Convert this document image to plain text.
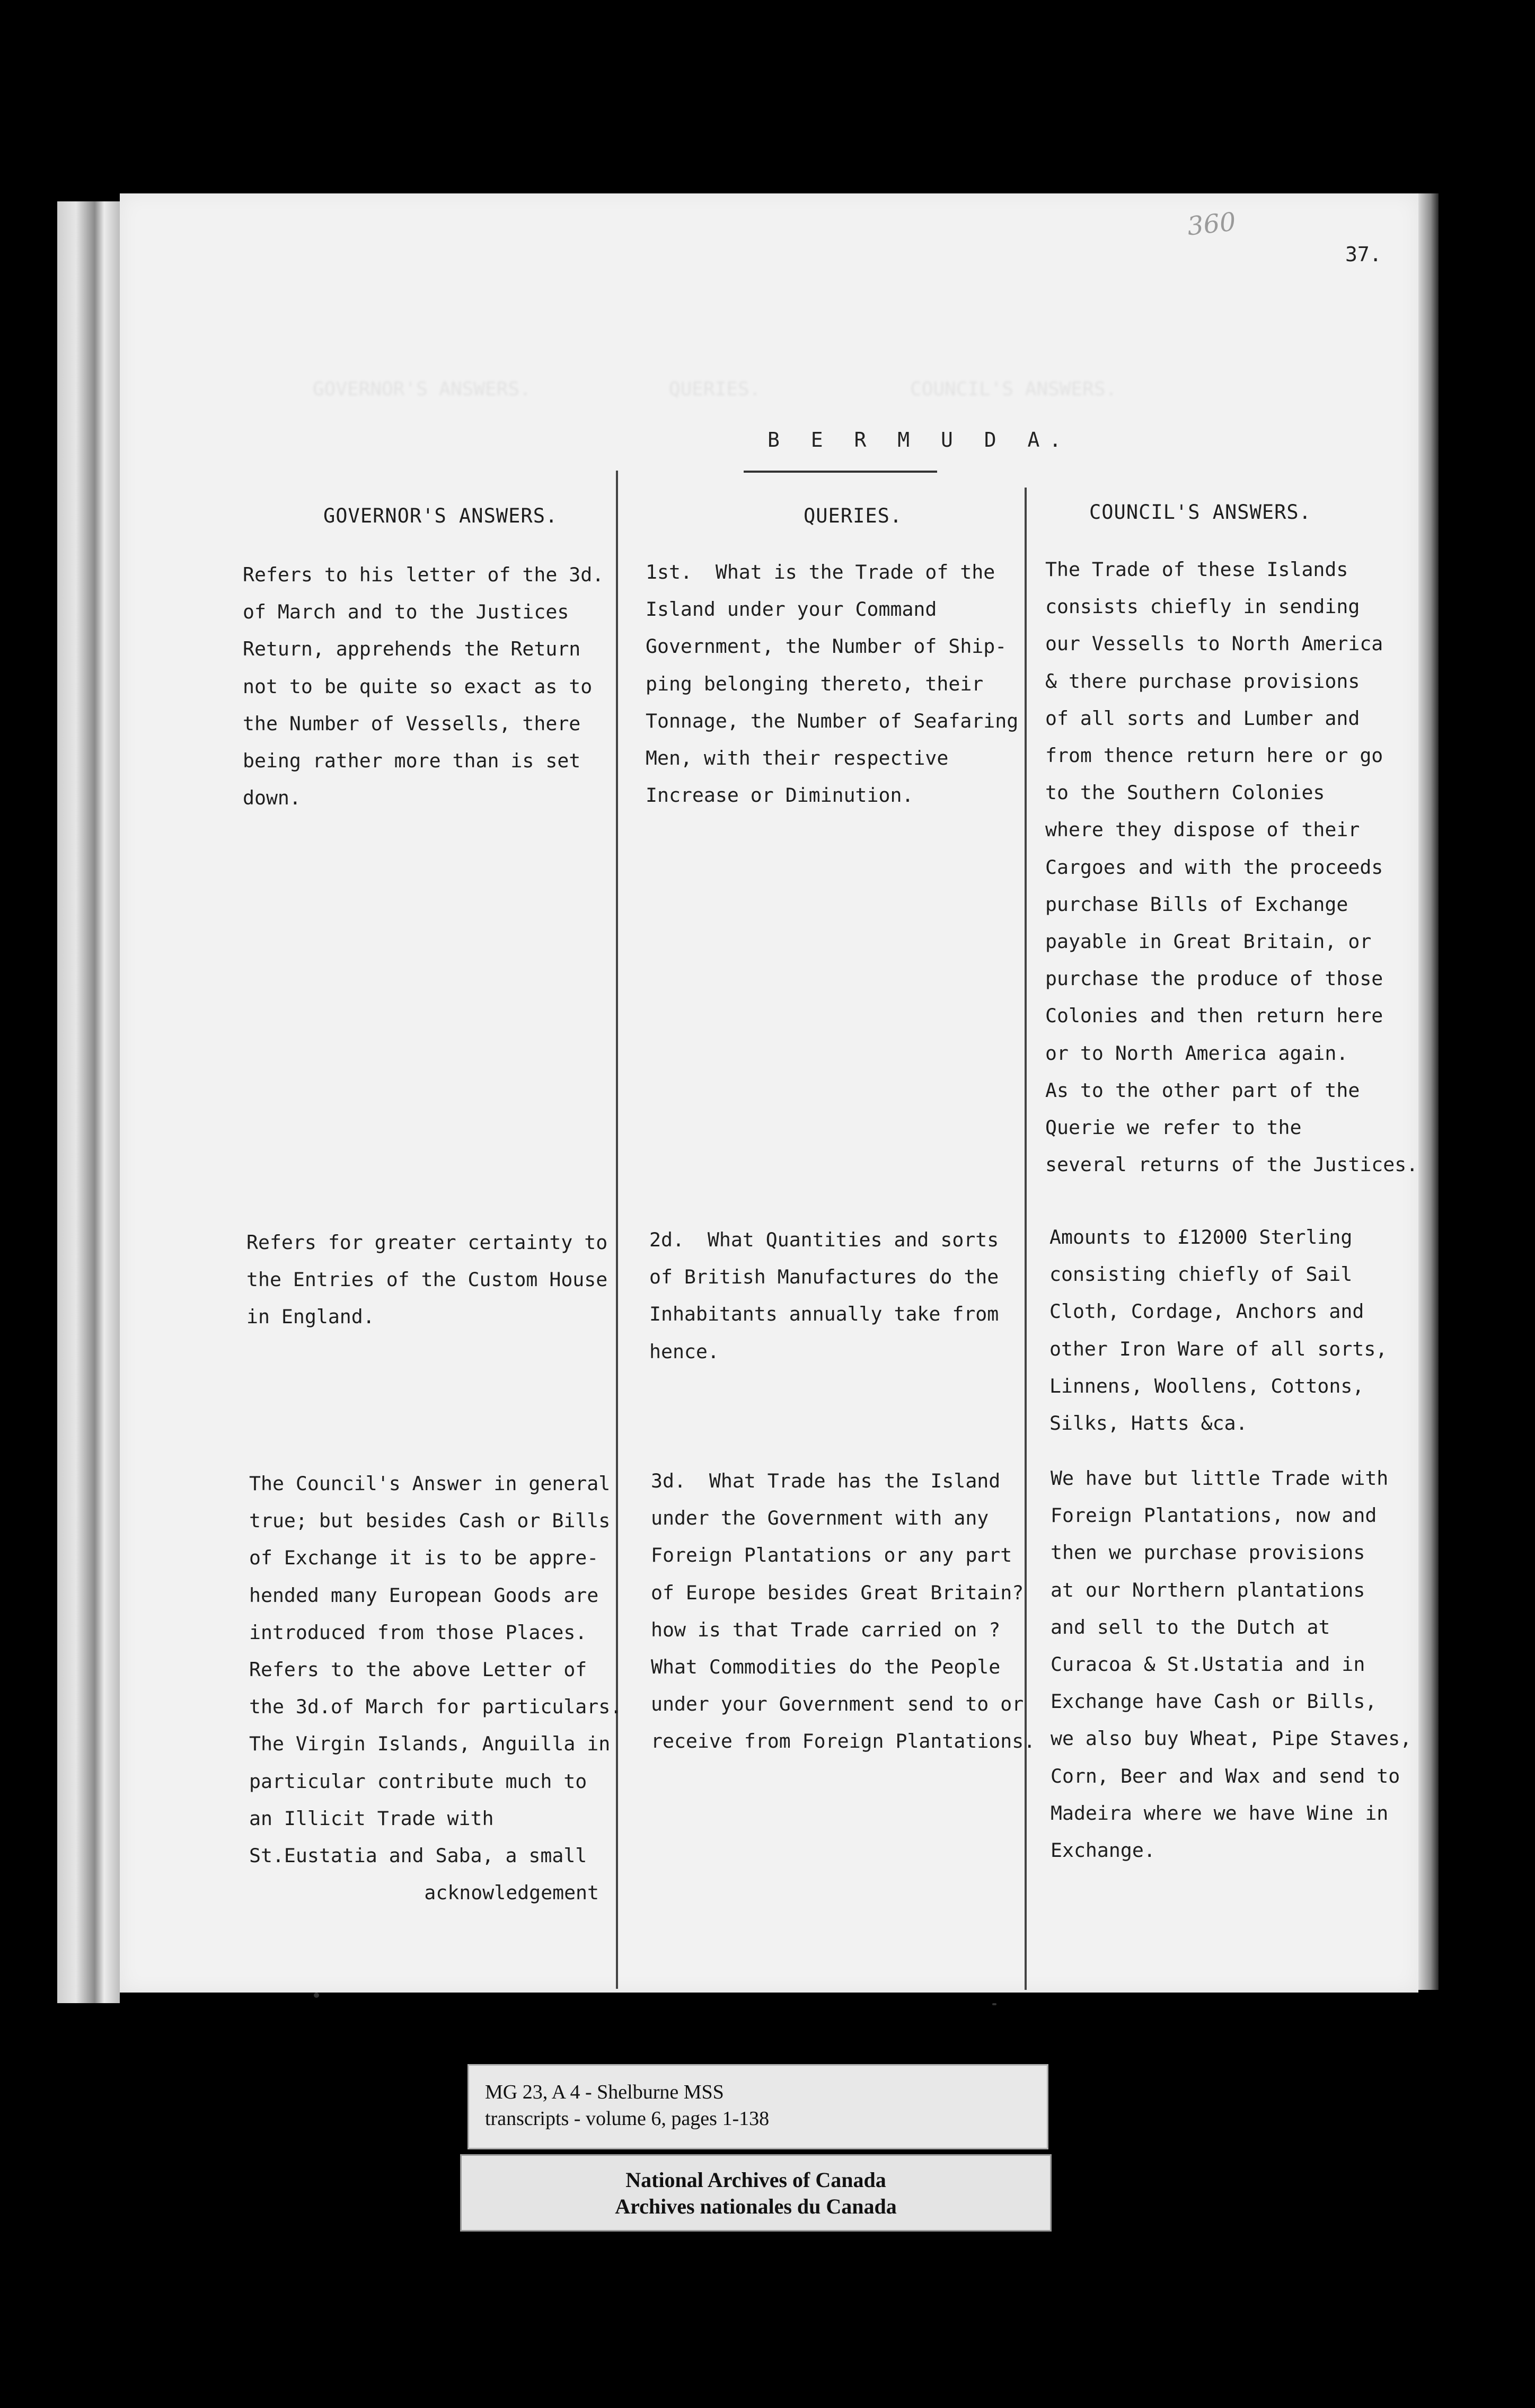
GOVERNOR'S ANSWERS.            QUERIES.             COUNCIL'S ANSWERS.
360
37.
B E R M U D A.
GOVERNOR'S ANSWERS.	QUERIES.	COUNCIL'S ANSWERS.
Refers to his letter of the 3d.
of March and to the Justices
Return, apprehends the Return
not to be quite so exact as to
the Number of Vessells, there
being rather more than is set
down.
1st.  What is the Trade of the
Island under your Command
Government, the Number of Ship-
ping belonging thereto, their
Tonnage, the Number of Seafaring
Men, with their respective
Increase or Diminution.
The Trade of these Islands
consists chiefly in sending
our Vessells to North America
& there purchase provisions
of all sorts and Lumber and
from thence return here or go
to the Southern Colonies
where they dispose of their
Cargoes and with the proceeds
purchase Bills of Exchange
payable in Great Britain, or
purchase the produce of those
Colonies and then return here
or to North America again.
As to the other part of the
Querie we refer to the
several returns of the Justices.
Refers for greater certainty to
the Entries of the Custom House
in England.
2d.  What Quantities and sorts
of British Manufactures do the
Inhabitants annually take from
hence.
Amounts to £12000 Sterling
consisting chiefly of Sail
Cloth, Cordage, Anchors and
other Iron Ware of all sorts,
Linnens, Woollens, Cottons,
Silks, Hatts &ca.
The Council's Answer in general
true; but besides Cash or Bills
of Exchange it is to be appre-
hended many European Goods are
introduced from those Places.
Refers to the above Letter of
the 3d.of March for particulars.
The Virgin Islands, Anguilla in
particular contribute much to
an Illicit Trade with
St.Eustatia and Saba, a small
acknowledgement
3d.  What Trade has the Island
under the Government with any
Foreign Plantations or any part
of Europe besides Great Britain?
how is that Trade carried on ?
What Commodities do the People
under your Government send to or
receive from Foreign Plantations.
We have but little Trade with
Foreign Plantations, now and
then we purchase provisions
at our Northern plantations
and sell to the Dutch at
Curacoa & St.Ustatia and in
Exchange have Cash or Bills,
we also buy Wheat, Pipe Staves,
Corn, Beer and Wax and send to
Madeira where we have Wine in
Exchange.
MG 23, A 4 - Shelburne MSS
transcripts - volume 6, pages 1-138
National Archives of Canada
Archives nationales du Canada
